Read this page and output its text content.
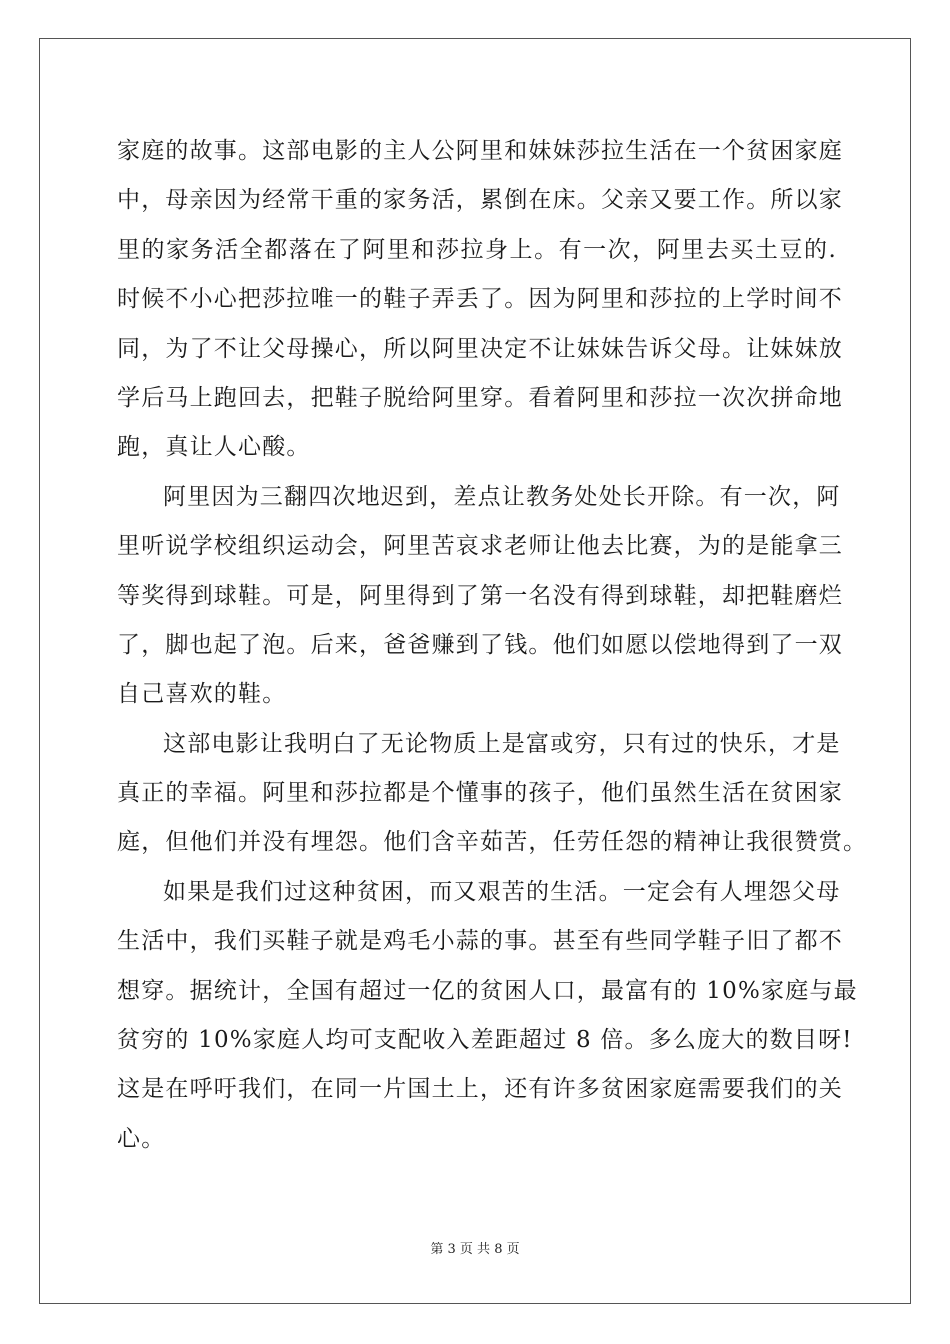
家庭的故事。这部电影的主人公阿里和妹妹莎拉生活在一个贫困家庭
中，母亲因为经常干重的家务活，累倒在床。父亲又要工作。所以家
里的家务活全都落在了阿里和莎拉身上。有一次，阿里去买土豆的.
时候不小心把莎拉唯一的鞋子弄丢了。因为阿里和莎拉的上学时间不
同，为了不让父母操心，所以阿里决定不让妹妹告诉父母。让妹妹放
学后马上跑回去，把鞋子脱给阿里穿。看着阿里和莎拉一次次拼命地
跑，真让人心酸。
阿里因为三翻四次地迟到，差点让教务处处长开除。有一次，阿
里听说学校组织运动会，阿里苦哀求老师让他去比赛，为的是能拿三
等奖得到球鞋。可是，阿里得到了第一名没有得到球鞋，却把鞋磨烂
了，脚也起了泡。后来，爸爸赚到了钱。他们如愿以偿地得到了一双
自己喜欢的鞋。
这部电影让我明白了无论物质上是富或穷，只有过的快乐，才是
真正的幸福。阿里和莎拉都是个懂事的孩子，他们虽然生活在贫困家
庭，但他们并没有埋怨。他们含辛茹苦，任劳任怨的精神让我很赞赏。
如果是我们过这种贫困，而又艰苦的生活。一定会有人埋怨父母
生活中，我们买鞋子就是鸡毛小蒜的事。甚至有些同学鞋子旧了都不
想穿。据统计，全国有超过一亿的贫困人口，最富有的 10%家庭与最
贫穷的 10%家庭人均可支配收入差距超过 8 倍。多么庞大的数目呀!
这是在呼吁我们，在同一片国土上，还有许多贫困家庭需要我们的关
心。
第 3 页 共 8 页
